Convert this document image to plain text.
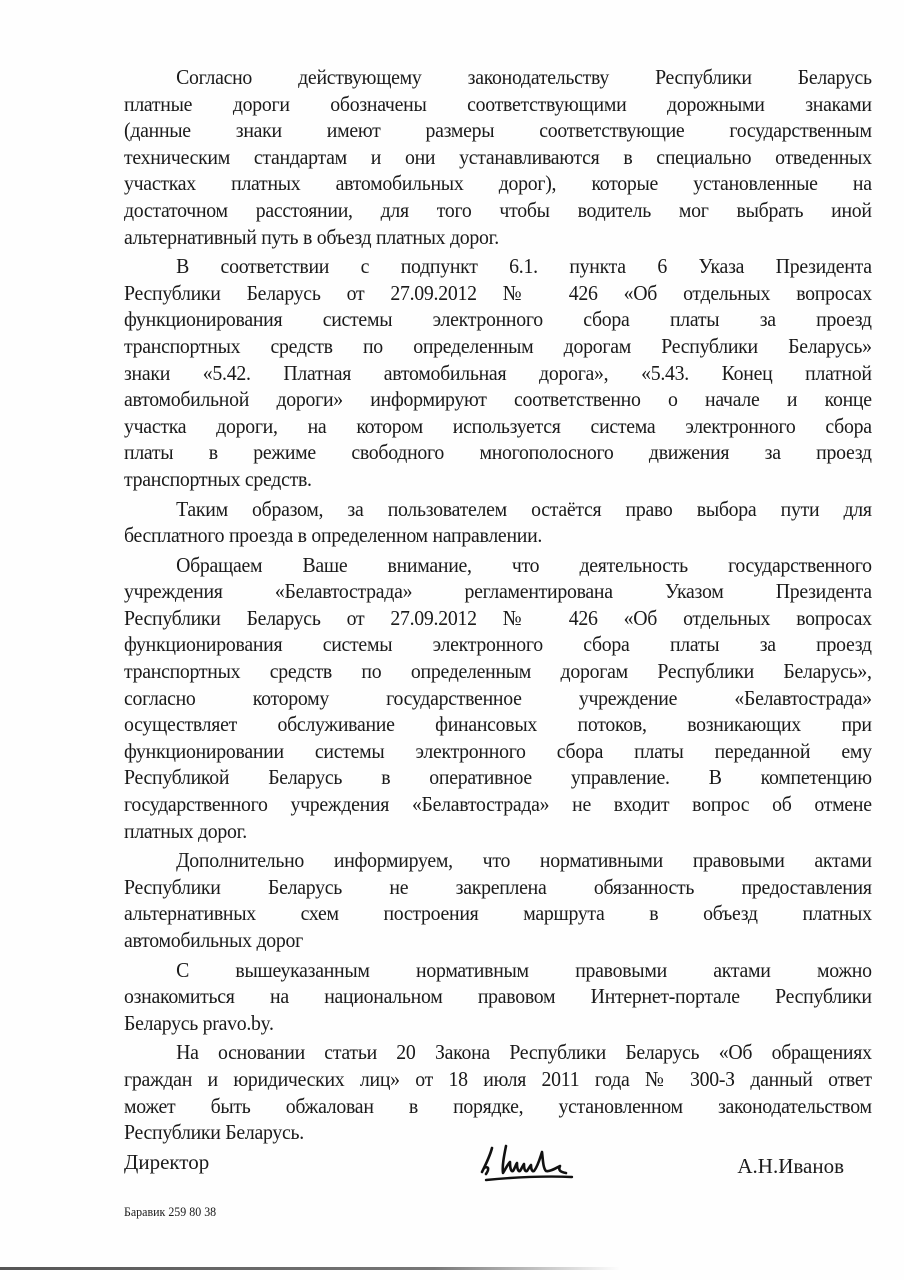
Согласно действующему законодательству Республики Беларусь
платные дороги обозначены соответствующими дорожными знаками
(данные знаки имеют размеры соответствующие государственным
техническим стандартам и они устанавливаются в специально отведенных
участках платных автомобильных дорог), которые установленные на
достаточном расстоянии, для того чтобы водитель мог выбрать иной
альтернативный путь в объезд платных дорог.
В соответствии с подпункт 6.1. пункта 6 Указа Президента
Республики Беларусь от 27.09.2012 № 426 «Об отдельных вопросах
функционирования системы электронного сбора платы за проезд
транспортных средств по определенным дорогам Республики Беларусь»
знаки «5.42. Платная автомобильная дорога», «5.43. Конец платной
автомобильной дороги» информируют соответственно о начале и конце
участка дороги, на котором используется система электронного сбора
платы в режиме свободного многополосного движения за проезд
транспортных средств.
Таким образом, за пользователем остаётся право выбора пути для
бесплатного проезда в определенном направлении.
Обращаем Ваше внимание, что деятельность государственного
учреждения «Белавтострада» регламентирована Указом Президента
Республики Беларусь от 27.09.2012 № 426 «Об отдельных вопросах
функционирования системы электронного сбора платы за проезд
транспортных средств по определенным дорогам Республики Беларусь»,
согласно которому государственное учреждение «Белавтострада»
осуществляет обслуживание финансовых потоков, возникающих при
функционировании системы электронного сбора платы переданной ему
Республикой Беларусь в оперативное управление. В компетенцию
государственного учреждения «Белавтострада» не входит вопрос об отмене
платных дорог.
Дополнительно информируем, что нормативными правовыми актами
Республики Беларусь не закреплена обязанность предоставления
альтернативных схем построения маршрута в объезд платных
автомобильных дорог
С вышеуказанным нормативным правовыми актами можно
ознакомиться на национальном правовом Интернет-портале Республики
Беларусь pravo.by.
На основании статьи 20 Закона Республики Беларусь «Об обращениях
граждан и юридических лиц» от 18 июля 2011 года № 300-З данный ответ
может быть обжалован в порядке, установленном законодательством
Республики Беларусь.
Директор	А.Н.Иванов
Баравик 259 80 38
